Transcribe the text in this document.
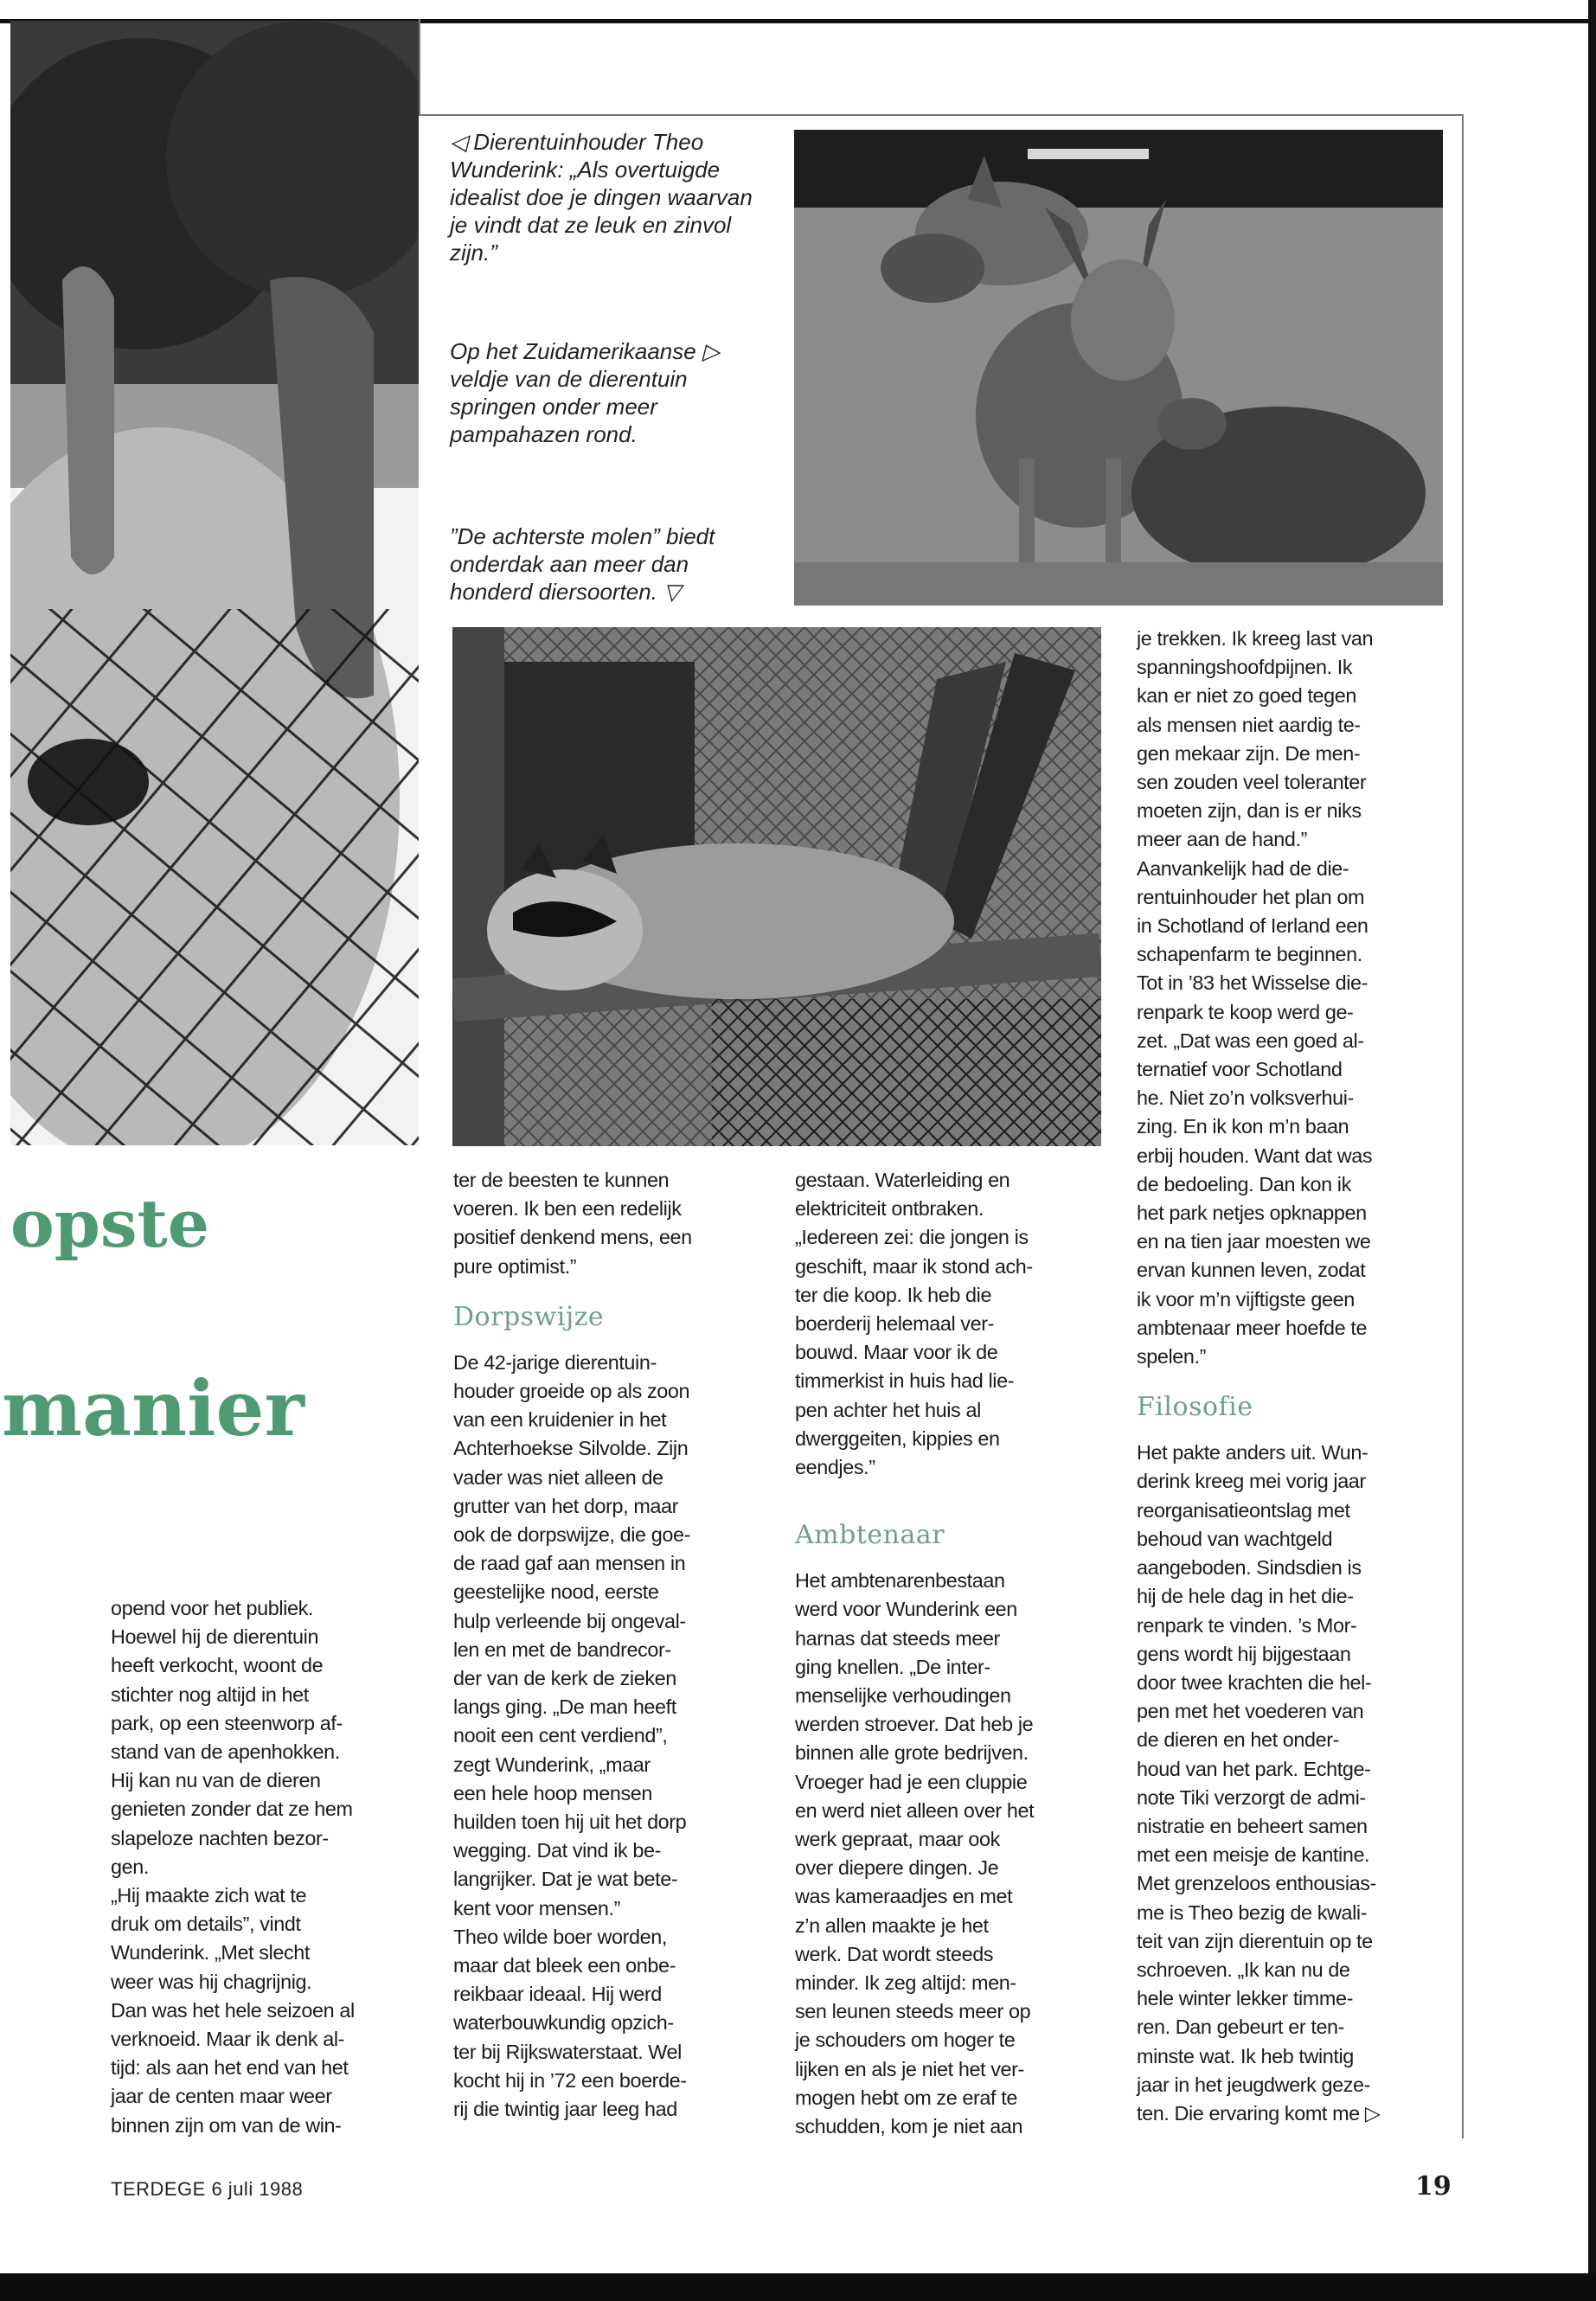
opste
manier
◁ Dierentuinhouder Theo Wunderink: „Als overtuigde idealist doe je dingen waarvan je vindt dat ze leuk en zinvol zijn.”
Op het Zuidamerikaanse ▷ veldje van de dierentuin springen onder meer pampahazen rond.
”De achterste molen” biedt onderdak aan meer dan honderd diersoorten. ▽

opend voor het publiek.
Hoewel hij de dierentuin
heeft verkocht, woont de
stichter nog altijd in het
park, op een steenworp af-
stand van de apenhokken.
Hij kan nu van de dieren
genieten zonder dat ze hem
slapeloze nachten bezor-
gen.
„Hij maakte zich wat te
druk om details”, vindt
Wunderink. „Met slecht
weer was hij chagrijnig.
Dan was het hele seizoen al
verknoeid. Maar ik denk al-
tijd: als aan het end van het
jaar de centen maar weer
binnen zijn om van de win-

ter de beesten te kunnen
voeren. Ik ben een redelijk
positief denkend mens, een
pure optimist.”

Dorpswijze

De 42-jarige dierentuin-
houder groeide op als zoon
van een kruidenier in het
Achterhoekse Silvolde. Zijn
vader was niet alleen de
grutter van het dorp, maar
ook de dorpswijze, die goe-
de raad gaf aan mensen in
geestelijke nood, eerste
hulp verleende bij ongeval-
len en met de bandrecor-
der van de kerk de zieken
langs ging. „De man heeft
nooit een cent verdiend”,
zegt Wunderink, „maar
een hele hoop mensen
huilden toen hij uit het dorp
wegging. Dat vind ik be-
langrijker. Dat je wat bete-
kent voor mensen.”
Theo wilde boer worden,
maar dat bleek een onbe-
reikbaar ideaal. Hij werd
waterbouwkundig opzich-
ter bij Rijkswaterstaat. Wel
kocht hij in ’72 een boerde-
rij die twintig jaar leeg had

gestaan. Waterleiding en
elektriciteit ontbraken.
„Iedereen zei: die jongen is
geschift, maar ik stond ach-
ter die koop. Ik heb die
boerderij helemaal ver-
bouwd. Maar voor ik de
timmerkist in huis had lie-
pen achter het huis al
dwerggeiten, kippies en
eendjes.”

Ambtenaar

Het ambtenarenbestaan
werd voor Wunderink een
harnas dat steeds meer
ging knellen. „De inter-
menselijke verhoudingen
werden stroever. Dat heb je
binnen alle grote bedrijven.
Vroeger had je een cluppie
en werd niet alleen over het
werk gepraat, maar ook
over diepere dingen. Je
was kameraadjes en met
z’n allen maakte je het
werk. Dat wordt steeds
minder. Ik zeg altijd: men-
sen leunen steeds meer op
je schouders om hoger te
lijken en als je niet het ver-
mogen hebt om ze eraf te
schudden, kom je niet aan

je trekken. Ik kreeg last van
spanningshoofdpijnen. Ik
kan er niet zo goed tegen
als mensen niet aardig te-
gen mekaar zijn. De men-
sen zouden veel toleranter
moeten zijn, dan is er niks
meer aan de hand.”
Aanvankelijk had de die-
rentuinhouder het plan om
in Schotland of Ierland een
schapenfarm te beginnen.
Tot in ’83 het Wisselse die-
renpark te koop werd ge-
zet. „Dat was een goed al-
ternatief voor Schotland
he. Niet zo’n volksverhui-
zing. En ik kon m’n baan
erbij houden. Want dat was
de bedoeling. Dan kon ik
het park netjes opknappen
en na tien jaar moesten we
ervan kunnen leven, zodat
ik voor m’n vijftigste geen
ambtenaar meer hoefde te
spelen.”

Filosofie

Het pakte anders uit. Wun-
derink kreeg mei vorig jaar
reorganisatieontslag met
behoud van wachtgeld
aangeboden. Sindsdien is
hij de hele dag in het die-
renpark te vinden. ’s Mor-
gens wordt hij bijgestaan
door twee krachten die hel-
pen met het voederen van
de dieren en het onder-
houd van het park. Echtge-
note Tiki verzorgt de admi-
nistratie en beheert samen
met een meisje de kantine.
Met grenzeloos enthousias-
me is Theo bezig de kwali-
teit van zijn dierentuin op te
schroeven. „Ik kan nu de
hele winter lekker timme-
ren. Dan gebeurt er ten-
minste wat. Ik heb twintig
jaar in het jeugdwerk geze-
ten. Die ervaring komt me ▷

TERDEGE 6 juli 1988	19
